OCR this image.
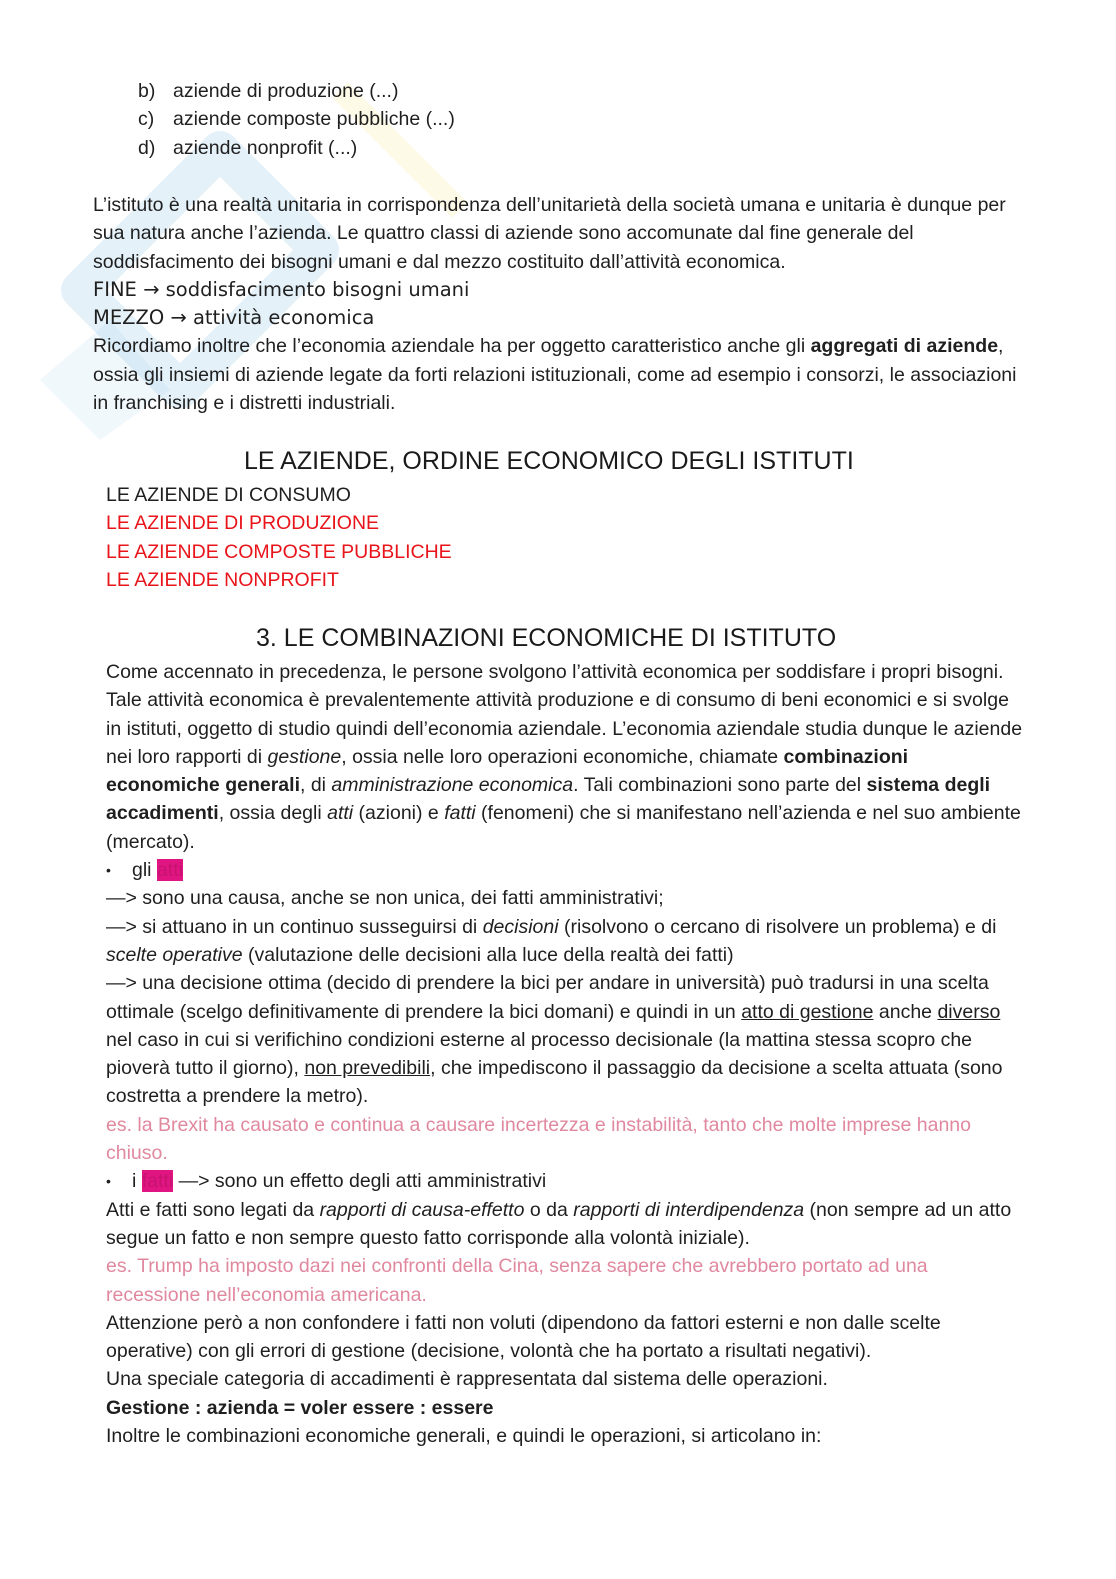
b) aziende di produzione (...)
c) aziende composte pubbliche (...)
d) aziende nonprofit (...)

L’istituto è una realtà unitaria in corrispondenza dell’unitarietà della società umana e unitaria è dunque per sua natura anche l’azienda. Le quattro classi di aziende sono accomunate dal fine generale del soddisfacimento dei bisogni umani e dal mezzo costituito dall’attività economica.

FINE → soddisfacimento bisogni umani

MEZZO → attività economica

Ricordiamo inoltre che l’economia aziendale ha per oggetto caratteristico anche gli aggregati di aziende, ossia gli insiemi di aziende legate da forti relazioni istituzionali, come ad esempio i consorzi, le associazioni in franchising e i distretti industriali.

LE AZIENDE, ORDINE ECONOMICO DEGLI ISTITUTI
LE AZIENDE DI CONSUMO
LE AZIENDE DI PRODUZIONE
LE AZIENDE COMPOSTE PUBBLICHE
LE AZIENDE NONPROFIT
3. LE COMBINAZIONI ECONOMICHE DI ISTITUTO

Come accennato in precedenza, le persone svolgono l’attività economica per soddisfare i propri bisogni. Tale attività economica è prevalentemente attività produzione e di consumo di beni economici e si svolge in istituti, oggetto di studio quindi dell’economia aziendale. L’economia aziendale studia dunque le aziende nei loro rapporti di gestione, ossia nelle loro operazioni economiche, chiamate combinazioni economiche generali, di amministrazione economica. Tali combinazioni sono parte del sistema degli accadimenti, ossia degli atti (azioni) e fatti (fenomeni) che si manifestano nell’azienda e nel suo ambiente (mercato).

• gli atti

—> sono una causa, anche se non unica, dei fatti amministrativi;

—> si attuano in un continuo susseguirsi di decisioni (risolvono o cercano di risolvere un problema) e di scelte operative (valutazione delle decisioni alla luce della realtà dei fatti)

—> una decisione ottima (decido di prendere la bici per andare in università) può tradursi in una scelta ottimale (scelgo definitivamente di prendere la bici domani) e quindi in un atto di gestione anche diverso nel caso in cui si verifichino condizioni esterne al processo decisionale (la mattina stessa scopro che pioverà tutto il giorno), non prevedibili, che impediscono il passaggio da decisione a scelta attuata (sono costretta a prendere la metro).

es. la Brexit ha causato e continua a causare incertezza e instabilità, tanto che molte imprese hanno chiuso.

• i fatti —> sono un effetto degli atti amministrativi

Atti e fatti sono legati da rapporti di causa-effetto o da rapporti di interdipendenza (non sempre ad un atto segue un fatto e non sempre questo fatto corrisponde alla volontà iniziale).

es. Trump ha imposto dazi nei confronti della Cina, senza sapere che avrebbero portato ad una recessione nell’economia americana.

Attenzione però a non confondere i fatti non voluti (dipendono da fattori esterni e non dalle scelte operative) con gli errori di gestione (decisione, volontà che ha portato a risultati negativi).

Una speciale categoria di accadimenti è rappresentata dal sistema delle operazioni.

Gestione : azienda = voler essere : essere

Inoltre le combinazioni economiche generali, e quindi le operazioni, si articolano in:
